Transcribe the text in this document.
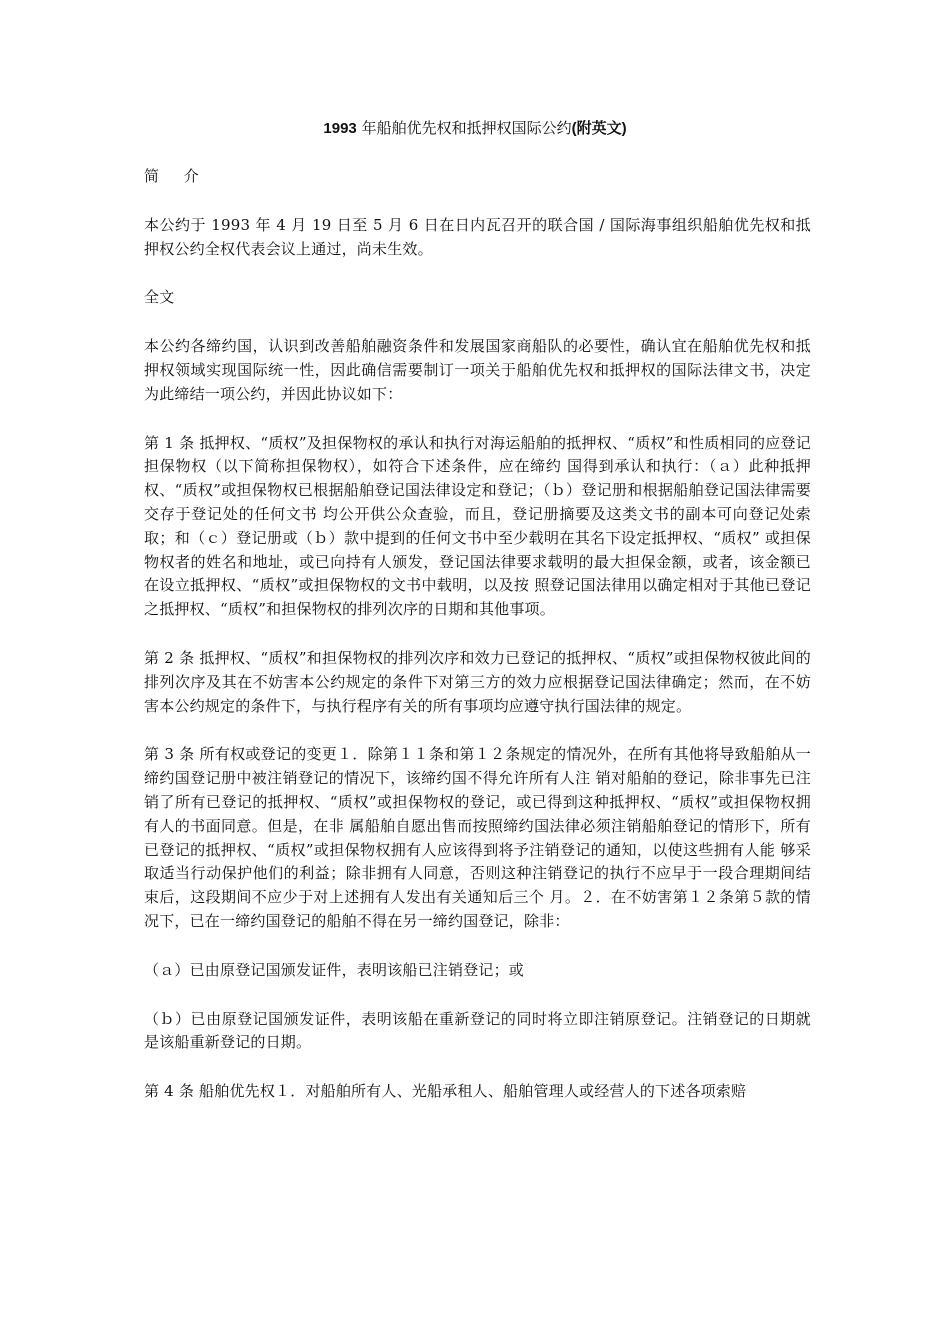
1993 年船舶优先权和抵押权国际公约(附英文)

简 介

本公约于 1993 年 4 月 19 日至 5 月 6 日在日内瓦召开的联合国 / 国际海事组织船舶优先权和抵押权公约全权代表会议上通过，尚未生效。

全文

本公约各缔约国，认识到改善船舶融资条件和发展国家商船队的必要性，确认宜在船舶优先权和抵押权领域实现国际统一性，因此确信需要制订一项关于船舶优先权和抵押权的国际法律文书，决定为此缔结一项公约，并因此协议如下：

第 1 条 抵押权、“质权”及担保物权的承认和执行对海运船舶的抵押权、“质权”和性质相同的应登记担保物权（以下简称担保物权），如符合下述条件，应在缔约 国得到承认和执行：（ａ）此种抵押权、“质权”或担保物权已根据船舶登记国法律设定和登记；（ｂ）登记册和根据船舶登记国法律需要交存于登记处的任何文书 均公开供公众查验，而且，登记册摘要及这类文书的副本可向登记处索取；和（ｃ）登记册或（ｂ）款中提到的任何文书中至少载明在其名下设定抵押权、“质权” 或担保物权者的姓名和地址，或已向持有人颁发，登记国法律要求载明的最大担保金额，或者，该金额已在设立抵押权、“质权”或担保物权的文书中载明，以及按 照登记国法律用以确定相对于其他已登记之抵押权、“质权”和担保物权的排列次序的日期和其他事项。

第 2 条 抵押权、“质权”和担保物权的排列次序和效力已登记的抵押权、“质权”或担保物权彼此间的排列次序及其在不妨害本公约规定的条件下对第三方的效力应根据登记国法律确定；然而，在不妨害本公约规定的条件下，与执行程序有关的所有事项均应遵守执行国法律的规定。

第 3 条 所有权或登记的变更１．除第１１条和第１２条规定的情况外，在所有其他将导致船舶从一缔约国登记册中被注销登记的情况下，该缔约国不得允许所有人注 销对船舶的登记，除非事先已注销了所有已登记的抵押权、“质权”或担保物权的登记，或已得到这种抵押权、“质权”或担保物权拥有人的书面同意。但是，在非 属船舶自愿出售而按照缔约国法律必须注销船舶登记的情形下，所有已登记的抵押权、“质权”或担保物权拥有人应该得到将予注销登记的通知，以使这些拥有人能 够采取适当行动保护他们的利益；除非拥有人同意，否则这种注销登记的执行不应早于一段合理期间结束后，这段期间不应少于对上述拥有人发出有关通知后三个 月。２．在不妨害第１２条第５款的情况下，已在一缔约国登记的船舶不得在另一缔约国登记，除非：

（ａ）已由原登记国颁发证件，表明该船已注销登记；或

（ｂ）已由原登记国颁发证件，表明该船在重新登记的同时将立即注销原登记。注销登记的日期就是该船重新登记的日期。

第 4 条 船舶优先权１．对船舶所有人、光船承租人、船舶管理人或经营人的下述各项索赔
